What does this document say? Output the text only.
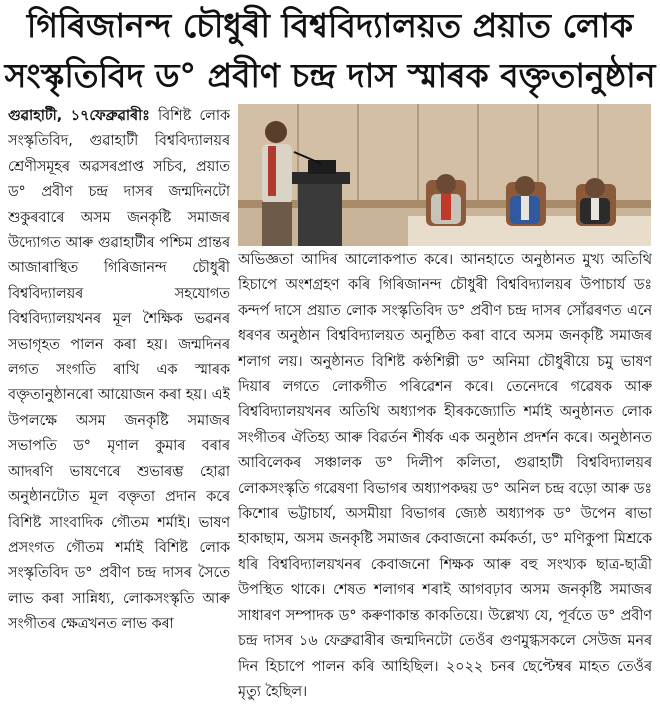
গিৰিজানন্দ চৌধুৰী বিশ্ববিদ্যালয়ত প্ৰয়াত লোক
সংস্কৃতিবিদ ড° প্ৰবীণ চন্দ্ৰ দাস স্মাৰক বক্তৃতানুষ্ঠান

গুৱাহাটী, ১৭ফেব্ৰুৱাৰীঃ বিশিষ্ট লোক সংস্কৃতিবিদ, গুৱাহাটী বিশ্ববিদ্যালয়ৰ শ্ৰেণীসমূহৰ অৱসৰপ্ৰাপ্ত সচিব, প্ৰয়াত ড° প্ৰবীণ চন্দ্ৰ দাসৰ জন্মদিনটো শুকুৰবাৰে অসম জনকৃষ্টি সমাজৰ উদ্যোগত আৰু গুৱাহাটীৰ পশ্চিম প্ৰান্তৰ আজাৰাস্থিত গিৰিজানন্দ চৌধুৰী বিশ্ববিদ্যালয়ৰ সহযোগত বিশ্ববিদ্যালয়খনৰ মূল শৈক্ষিক ভৱনৰ সভাগৃহত পালন কৰা হয়। জন্মদিনৰ লগত সংগতি ৰাখি এক স্মাৰক বক্তৃতানুষ্ঠানৰো আয়োজন কৰা হয়। এই উপলক্ষে অসম জনকৃষ্টি সমাজৰ সভাপতি ড° মৃণাল কুমাৰ বৰাৰ আদৰণি ভাষণেৰে শুভাৰম্ভ হোৱা অনুষ্ঠানটোত মূল বক্তৃতা প্ৰদান কৰে বিশিষ্ট সাংবাদিক গৌতম শৰ্মাই। ভাষণ প্ৰসংগত গৌতম শৰ্মাই বিশিষ্ট লোক সংস্কৃতিবিদ ড° প্ৰবীণ চন্দ্ৰ দাসৰ সৈতে লাভ কৰা সান্নিধ্য, লোকসংস্কৃতি আৰু সংগীতৰ ক্ষেত্ৰখনত লাভ কৰা

অভিজ্ঞতা আদিৰ আলোকপাত কৰে। আনহাতে অনুষ্ঠানত মুখ্য অতিথি হিচাপে অংশগ্ৰহণ কৰি গিৰিজানন্দ চৌধুৰী বিশ্ববিদ্যালয়ৰ উপাচাৰ্য ডঃ কন্দৰ্প দাসে প্ৰয়াত লোক সংস্কৃতিবিদ ড° প্ৰবীণ চন্দ্ৰ দাসৰ সোঁৱৰণত এনে ধৰণৰ অনুষ্ঠান বিশ্ববিদ্যালয়ত অনুষ্ঠিত কৰা বাবে অসম জনকৃষ্টি সমাজৰ শলাগ লয়। অনুষ্ঠানত বিশিষ্ট কণ্ঠশিল্পী ড° অনিমা চৌধুৰীয়ে চমু ভাষণ দিয়াৰ লগতে লোকগীত পৰিৱেশন কৰে। তেনেদৰে গৱেষক আৰু বিশ্ববিদ্যালয়খনৰ অতিথি অধ্যাপক হীৰকজ্যোতি শৰ্মাই অনুষ্ঠানত লোক সংগীতৰ ঐতিহ্য আৰু বিৱৰ্তন শীৰ্ষক এক অনুষ্ঠান প্ৰদৰ্শন কৰে। অনুষ্ঠানত আবিলেকৰ সঞ্চালক ড° দিলীপ কলিতা, গুৱাহাটী বিশ্ববিদ্যালয়ৰ লোকসংস্কৃতি গৱেষণা বিভাগৰ অধ্যাপকদ্বয় ড° অনিল চন্দ্ৰ বড়ো আৰু ডঃ কিশোৰ ভট্টাচাৰ্য, অসমীয়া বিভাগৰ জ্যেষ্ঠ অধ্যাপক ড° উপেন ৰাভা হাকাছাম, অসম জনকৃষ্টি সমাজৰ কেবাজনো কৰ্মকৰ্তা, ড° মণিকুপা মিশ্ৰকে ধৰি বিশ্ববিদ্যালয়খনৰ কেবাজনো শিক্ষক আৰু বহু সংখ্যক ছাত্ৰ-ছাত্ৰী উপস্থিত থাকে। শেষত শলাগৰ শৰাই আগবঢ়াব অসম জনকৃষ্টি সমাজৰ সাধাৰণ সম্পাদক ড° কৰুণাকান্ত কাকতিয়ে। উল্লেখ্য যে, পূৰ্বতে ড° প্ৰবীণ চন্দ্ৰ দাসৰ ১৬ ফেব্ৰুৱাৰীৰ জন্মদিনটো তেওঁৰ গুণমুগ্ধসকলে সেউজ মনৰ দিন হিচাপে পালন কৰি আহিছিল। ২০২২ চনৰ ছেপ্টেম্বৰ মাহত তেওঁৰ মৃত্যু হৈছিল।
